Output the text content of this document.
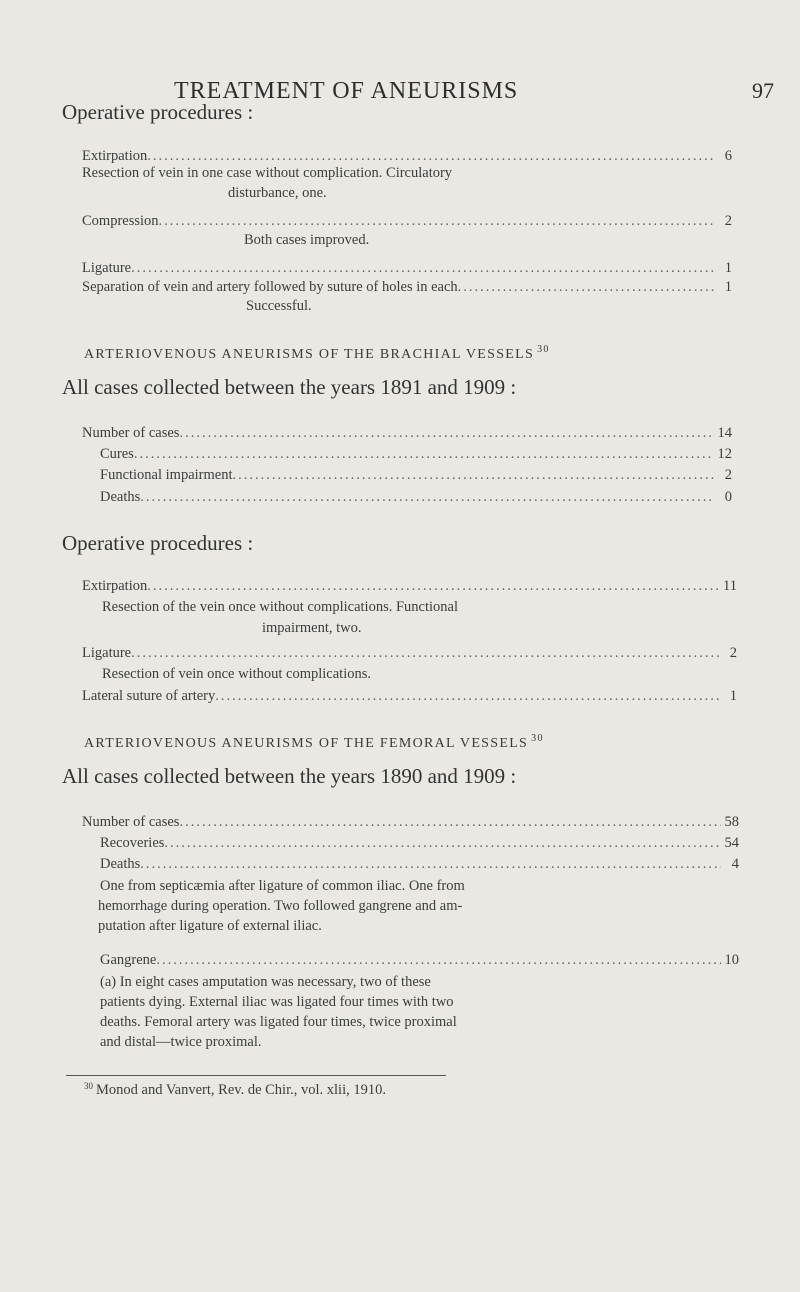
TREATMENT OF ANEURISMS	97
Operative procedures :
Extirpation .....	6
Resection of vein in one case without complication. Circulatory
disturbance, one.
Compression .....	2
Both cases improved.
Ligature .....	1
Separation of vein and artery followed by suture of holes in each .....	1
Successful.
ARTERIOVENOUS ANEURISMS OF THE BRACHIAL VESSELS $^{30}$
All cases collected between the years 1891 and 1909 :
Number of cases .....	14
Cures .....	12
Functional impairment .....	2
Deaths .....	0
Operative procedures :
Extirpation .....	11
Resection of the vein once without complications. Functional
impairment, two.
Ligature .....	2
Resection of vein once without complications.
Lateral suture of artery .....	1
ARTERIOVENOUS ANEURISMS OF THE FEMORAL VESSELS $^{30}$
All cases collected between the years 1890 and 1909 :
Number of cases .....	58
Recoveries .....	54
Deaths .....	4
One from septicæmia after ligature of common iliac. One from
hemorrhage during operation. Two followed gangrene and am-
putation after ligature of external iliac.
Gangrene .....	10
(a) In eight cases amputation was necessary, two of these
patients dying. External iliac was ligated four times with two
deaths. Femoral artery was ligated four times, twice proximal
and distal—twice proximal.
$^{30}$ Monod and Vanvert, Rev. de Chir., vol. xlii, 1910.
